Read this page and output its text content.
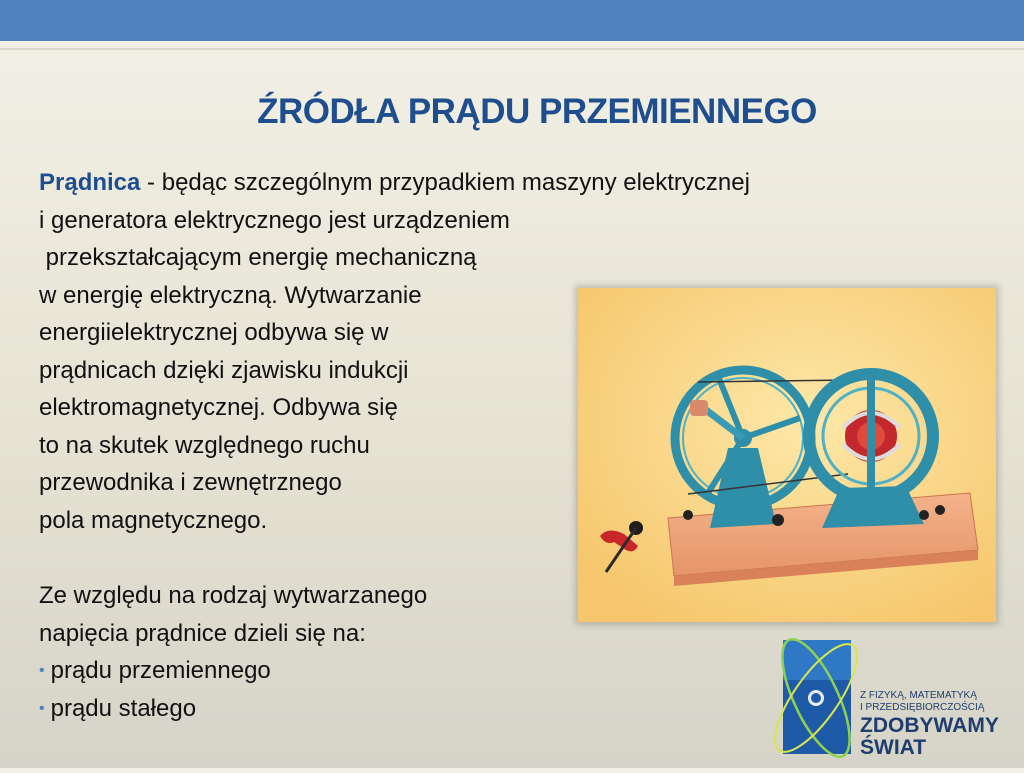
ŹRÓDŁA PRĄDU PRZEMIENNEGO
Prądnica - będąc szczególnym przypadkiem maszyny elektrycznej
i generatora elektrycznego jest urządzeniem
przekształcającym energię mechaniczną
w energię elektryczną. Wytwarzanie
energiielektrycznej odbywa się w
prądnicach dzięki zjawisku indukcji
elektromagnetycznej. Odbywa się
to na skutek względnego ruchu
przewodnika i zewnętrznego
pola magnetycznego.
Ze względu na rodzaj wytwarzanego
napięcia prądnice dzieli się na:
• prądu przemiennego
• prądu stałego	Z FIZYKĄ, MATEMATYKĄ
I PRZEDSIĘBIORCZOŚCIĄ
ZDOBYWAMY
ŚWIAT
